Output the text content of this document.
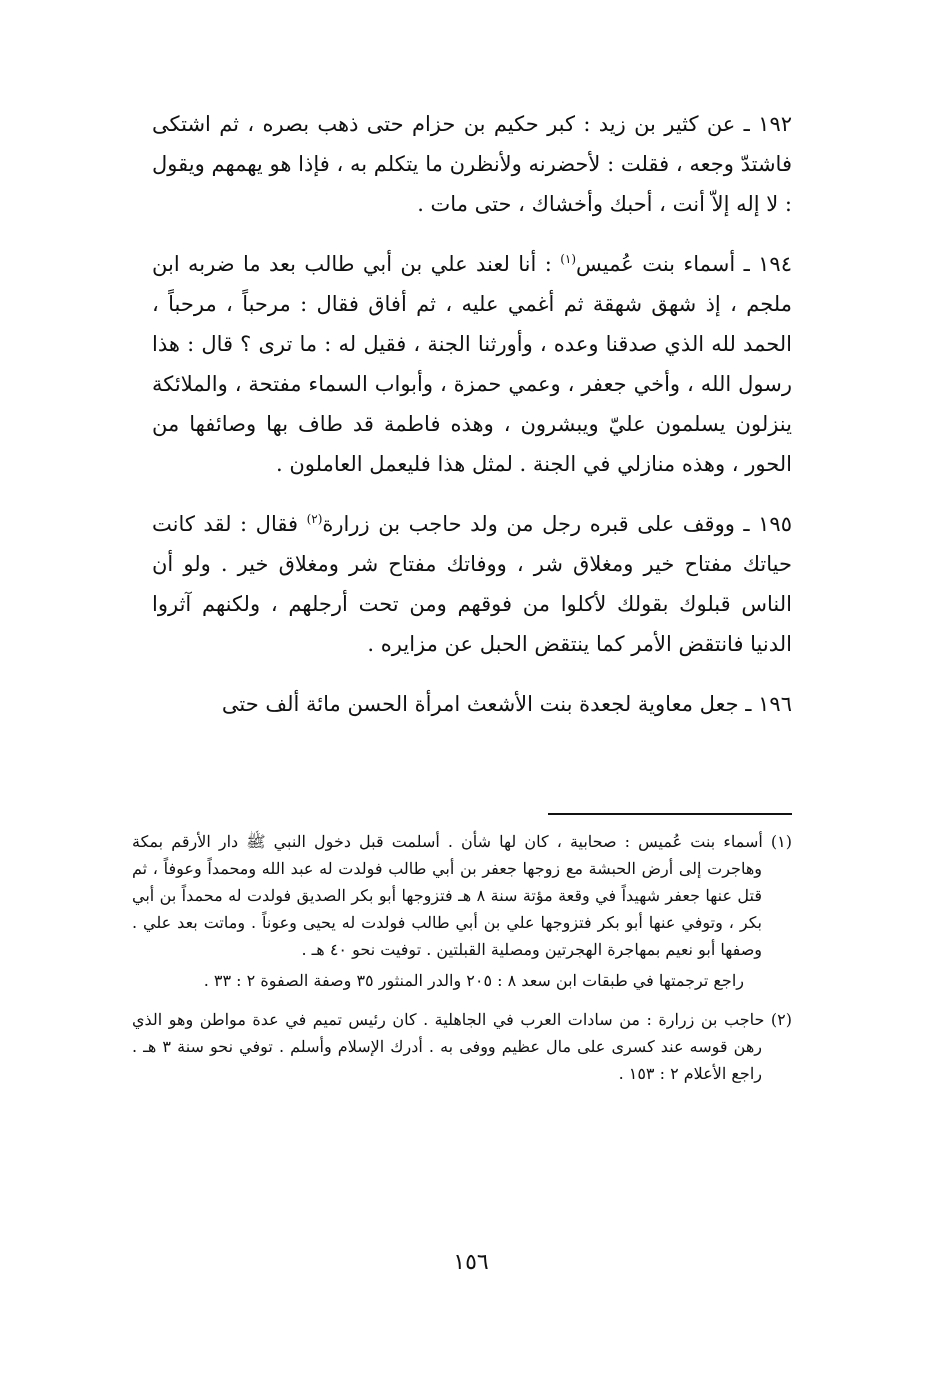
١٩٢ ـ عن كثير بن زيد : كبر حكيم بن حزام حتى ذهب بصره ، ثم اشتكى فاشتدّ وجعه ، فقلت : لأحضرنه ولأنظرن ما يتكلم به ، فإذا هو يهمهم ويقول : لا إله إلاّ أنت ، أحبك وأخشاك ، حتى مات .

١٩٤ ـ أسماء بنت عُميس$^{(١)}$ : أنا لعند علي بن أبي طالب بعد ما ضربه ابن ملجم ، إذ شهق شهقة ثم أغمي عليه ، ثم أفاق فقال : مرحباً ، مرحباً ، الحمد لله الذي صدقنا وعده ، وأورثنا الجنة ، فقيل له : ما ترى ؟ قال : هذا رسول الله ، وأخي جعفر ، وعمي حمزة ، وأبواب السماء مفتحة ، والملائكة ينزلون يسلمون عليّ ويبشرون ، وهذه فاطمة قد طاف بها وصائفها من الحور ، وهذه منازلي في الجنة . لمثل هذا فليعمل العاملون .

١٩٥ ـ ووقف على قبره رجل من ولد حاجب بن زرارة$^{(٢)}$ فقال : لقد كانت حياتك مفتاح خير ومغلاق شر ، ووفاتك مفتاح شر ومغلاق خير . ولو أن الناس قبلوك بقولك لأكلوا من فوقهم ومن تحت أرجلهم ، ولكنهم آثروا الدنيا فانتقض الأمر كما ينتقض الحبل عن مزايره .

١٩٦ ـ جعل معاوية لجعدة بنت الأشعث امرأة الحسن مائة ألف حتى

(١) أسماء بنت عُميس : صحابية ، كان لها شأن . أسلمت قبل دخول النبي ﷺ دار الأرقم بمكة وهاجرت إلى أرض الحبشة مع زوجها جعفر بن أبي طالب فولدت له عبد الله ومحمداً وعوفاً ، ثم قتل عنها جعفر شهيداً في وقعة مؤتة سنة ٨ هـ فتزوجها أبو بكر الصديق فولدت له محمداً بن أبي بكر ، وتوفي عنها أبو بكر فتزوجها علي بن أبي طالب فولدت له يحيى وعوناً . وماتت بعد علي . وصفها أبو نعيم بمهاجرة الهجرتين ومصلية القبلتين . توفيت نحو ٤٠ هـ .

راجع ترجمتها في طبقات ابن سعد ٨ : ٢٠٥ والدر المنثور ٣٥ وصفة الصفوة ٢ : ٣٣ .

(٢) حاجب بن زرارة : من سادات العرب في الجاهلية . كان رئيس تميم في عدة مواطن وهو الذي رهن قوسه عند كسرى على مال عظيم ووفى به . أدرك الإسلام وأسلم . توفي نحو سنة ٣ هـ . راجع الأعلام ٢ : ١٥٣ .

١٥٦
